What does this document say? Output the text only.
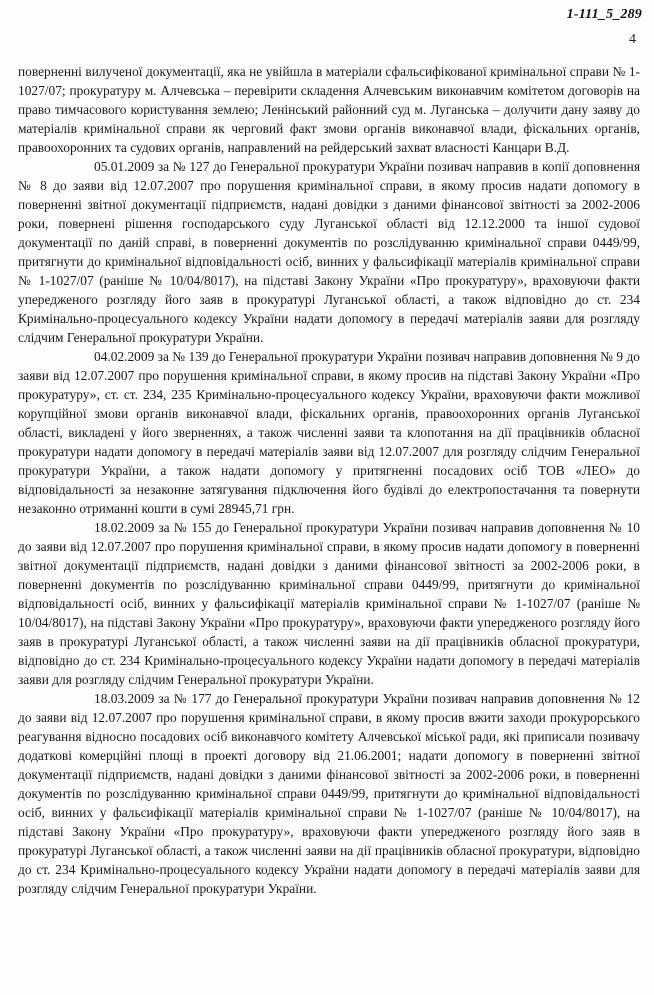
1-111_5_289
4

поверненні вилученої документації, яка не увійшла в матеріали сфальсифікованої кримінальної справи № 1-1027/07; прокуратуру м. Алчевська – перевірити складення Алчевським виконавчим комітетом договорів на право тимчасового користування землею; Ленінський районний суд м. Луганська – долучити дану заяву до матеріалів кримінальної справи як черговий факт змови органів виконавчої влади, фіскальних органів, правоохоронних та судових органів, направлений на рейдерський захват власності Канцари В.Д.

05.01.2009 за № 127 до Генеральної прокуратури України позивач направив в копії доповнення № 8 до заяви від 12.07.2007 про порушення кримінальної справи, в якому просив надати допомогу в поверненні звітної документації підприємств, надані довідки з даними фінансової звітності за 2002-2006 роки, повернені рішення господарського суду Луганської області від 12.12.2000 та іншої судової документації по даній справі, в поверненні документів по розслідуванню кримінальної справи 0449/99, притягнути до кримінальної відповідальності осіб, винних у фальсифікації матеріалів кримінальної справи № 1-1027/07 (раніше № 10/04/8017), на підставі Закону України «Про прокуратуру», враховуючи факти упередженого розгляду його заяв в прокуратурі Луганської області, а також відповідно до ст. 234 Кримінально-процесуального кодексу України надати допомогу в передачі матеріалів заяви для розгляду слідчим Генеральної прокуратури України.

04.02.2009 за № 139 до Генеральної прокуратури України позивач направив доповнення № 9 до заяви від 12.07.2007 про порушення кримінальної справи, в якому просив на підставі Закону України «Про прокуратуру», ст. ст. 234, 235 Кримінально-процесуального кодексу України, враховуючи факти можливої корупційної змови органів виконавчої влади, фіскальних органів, правоохоронних органів Луганської області, викладені у його зверненнях, а також численні заяви та клопотання на дії працівників обласної прокуратури надати допомогу в передачі матеріалів заяви від 12.07.2007 для розгляду слідчим Генеральної прокуратури України, а також надати допомогу у притягненні посадових осіб ТОВ «ЛЕО» до відповідальності за незаконне затягування підключення його будівлі до електропостачання та повернути незаконно отриманні кошти в сумі 28945,71 грн.

18.02.2009 за № 155 до Генеральної прокуратури України позивач направив доповнення № 10 до заяви від 12.07.2007 про порушення кримінальної справи, в якому просив надати допомогу в поверненні звітної документації підприємств, надані довідки з даними фінансової звітності за 2002-2006 роки, в поверненні документів по розслідуванню кримінальної справи 0449/99, притягнути до кримінальної відповідальності осіб, винних у фальсифікації матеріалів кримінальної справи № 1-1027/07 (раніше № 10/04/8017), на підставі Закону України «Про прокуратуру», враховуючи факти упередженого розгляду його заяв в прокуратурі Луганської області, а також численні заяви на дії працівників обласної прокуратури, відповідно до ст. 234 Кримінально-процесуального кодексу України надати допомогу в передачі матеріалів заяви для розгляду слідчим Генеральної прокуратури України.

18.03.2009 за № 177 до Генеральної прокуратури України позивач направив доповнення № 12 до заяви від 12.07.2007 про порушення кримінальної справи, в якому просив вжити заходи прокурорського реагування відносно посадових осіб виконавчого комітету Алчевської міської ради, які приписали позивачу додаткові комерційні площі в проекті договору від 21.06.2001; надати допомогу в поверненні звітної документації підприємств, надані довідки з даними фінансової звітності за 2002-2006 роки, в поверненні документів по розслідуванню кримінальної справи 0449/99, притягнути до кримінальної відповідальності осіб, винних у фальсифікації матеріалів кримінальної справи № 1-1027/07 (раніше № 10/04/8017), на підставі Закону України «Про прокуратуру», враховуючи факти упередженого розгляду його заяв в прокуратурі Луганської області, а також численні заяви на дії працівників обласної прокуратури, відповідно до ст. 234 Кримінально-процесуального кодексу України надати допомогу в передачі матеріалів заяви для розгляду слідчим Генеральної прокуратури України.
